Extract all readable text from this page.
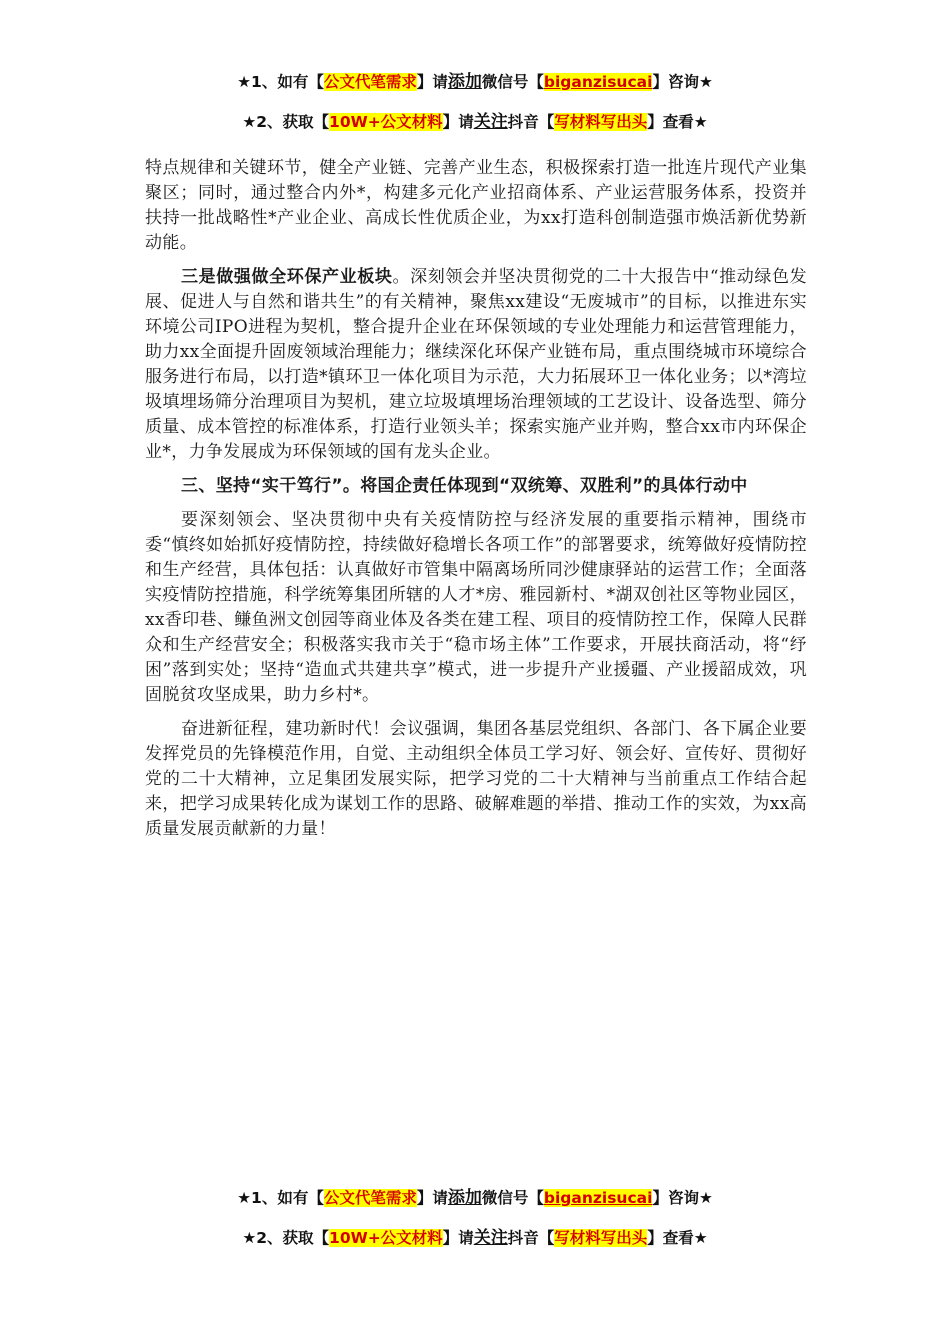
★1、如有【公文代笔需求】请添加微信号【biganzisucai】咨询★
★2、获取【10W+公文材料】请关注抖音【写材料写出头】查看★

特点规律和关键环节，健全产业链、完善产业生态，积极探索打造一批连片现代产业集聚区；同时，通过整合内外*，构建多元化产业招商体系、产业运营服务体系，投资并扶持一批战略性*产业企业、高成长性优质企业，为xx打造科创制造强市焕活新优势新动能。

三是做强做全环保产业板块。深刻领会并坚决贯彻党的二十大报告中“推动绿色发展、促进人与自然和谐共生”的有关精神，聚焦xx建设“无废城市”的目标，以推进东实环境公司IPO进程为契机，整合提升企业在环保领域的专业处理能力和运营管理能力，助力xx全面提升固废领域治理能力；继续深化环保产业链布局，重点围绕城市环境综合服务进行布局，以打造*镇环卫一体化项目为示范，大力拓展环卫一体化业务；以*湾垃圾填埋场筛分治理项目为契机，建立垃圾填埋场治理领域的工艺设计、设备选型、筛分质量、成本管控的标准体系，打造行业领头羊；探索实施产业并购，整合xx市内环保企业*，力争发展成为环保领域的国有龙头企业。

三、坚持“实干笃行”。将国企责任体现到“双统筹、双胜利”的具体行动中

要深刻领会、坚决贯彻中央有关疫情防控与经济发展的重要指示精神，围绕市委“慎终如始抓好疫情防控，持续做好稳增长各项工作”的部署要求，统筹做好疫情防控和生产经营，具体包括：认真做好市管集中隔离场所同沙健康驿站的运营工作；全面落实疫情防控措施，科学统筹集团所辖的人才*房、雅园新村、*湖双创社区等物业园区，xx香印巷、鳒鱼洲文创园等商业体及各类在建工程、项目的疫情防控工作，保障人民群众和生产经营安全；积极落实我市关于“稳市场主体”工作要求，开展扶商活动，将“纾困”落到实处；坚持“造血式共建共享”模式，进一步提升产业援疆、产业援韶成效，巩固脱贫攻坚成果，助力乡村*。

奋进新征程，建功新时代！会议强调，集团各基层党组织、各部门、各下属企业要发挥党员的先锋模范作用，自觉、主动组织全体员工学习好、领会好、宣传好、贯彻好党的二十大精神，立足集团发展实际，把学习党的二十大精神与当前重点工作结合起来，把学习成果转化成为谋划工作的思路、破解难题的举措、推动工作的实效，为xx高质量发展贡献新的力量！

★1、如有【公文代笔需求】请添加微信号【biganzisucai】咨询★
★2、获取【10W+公文材料】请关注抖音【写材料写出头】查看★
